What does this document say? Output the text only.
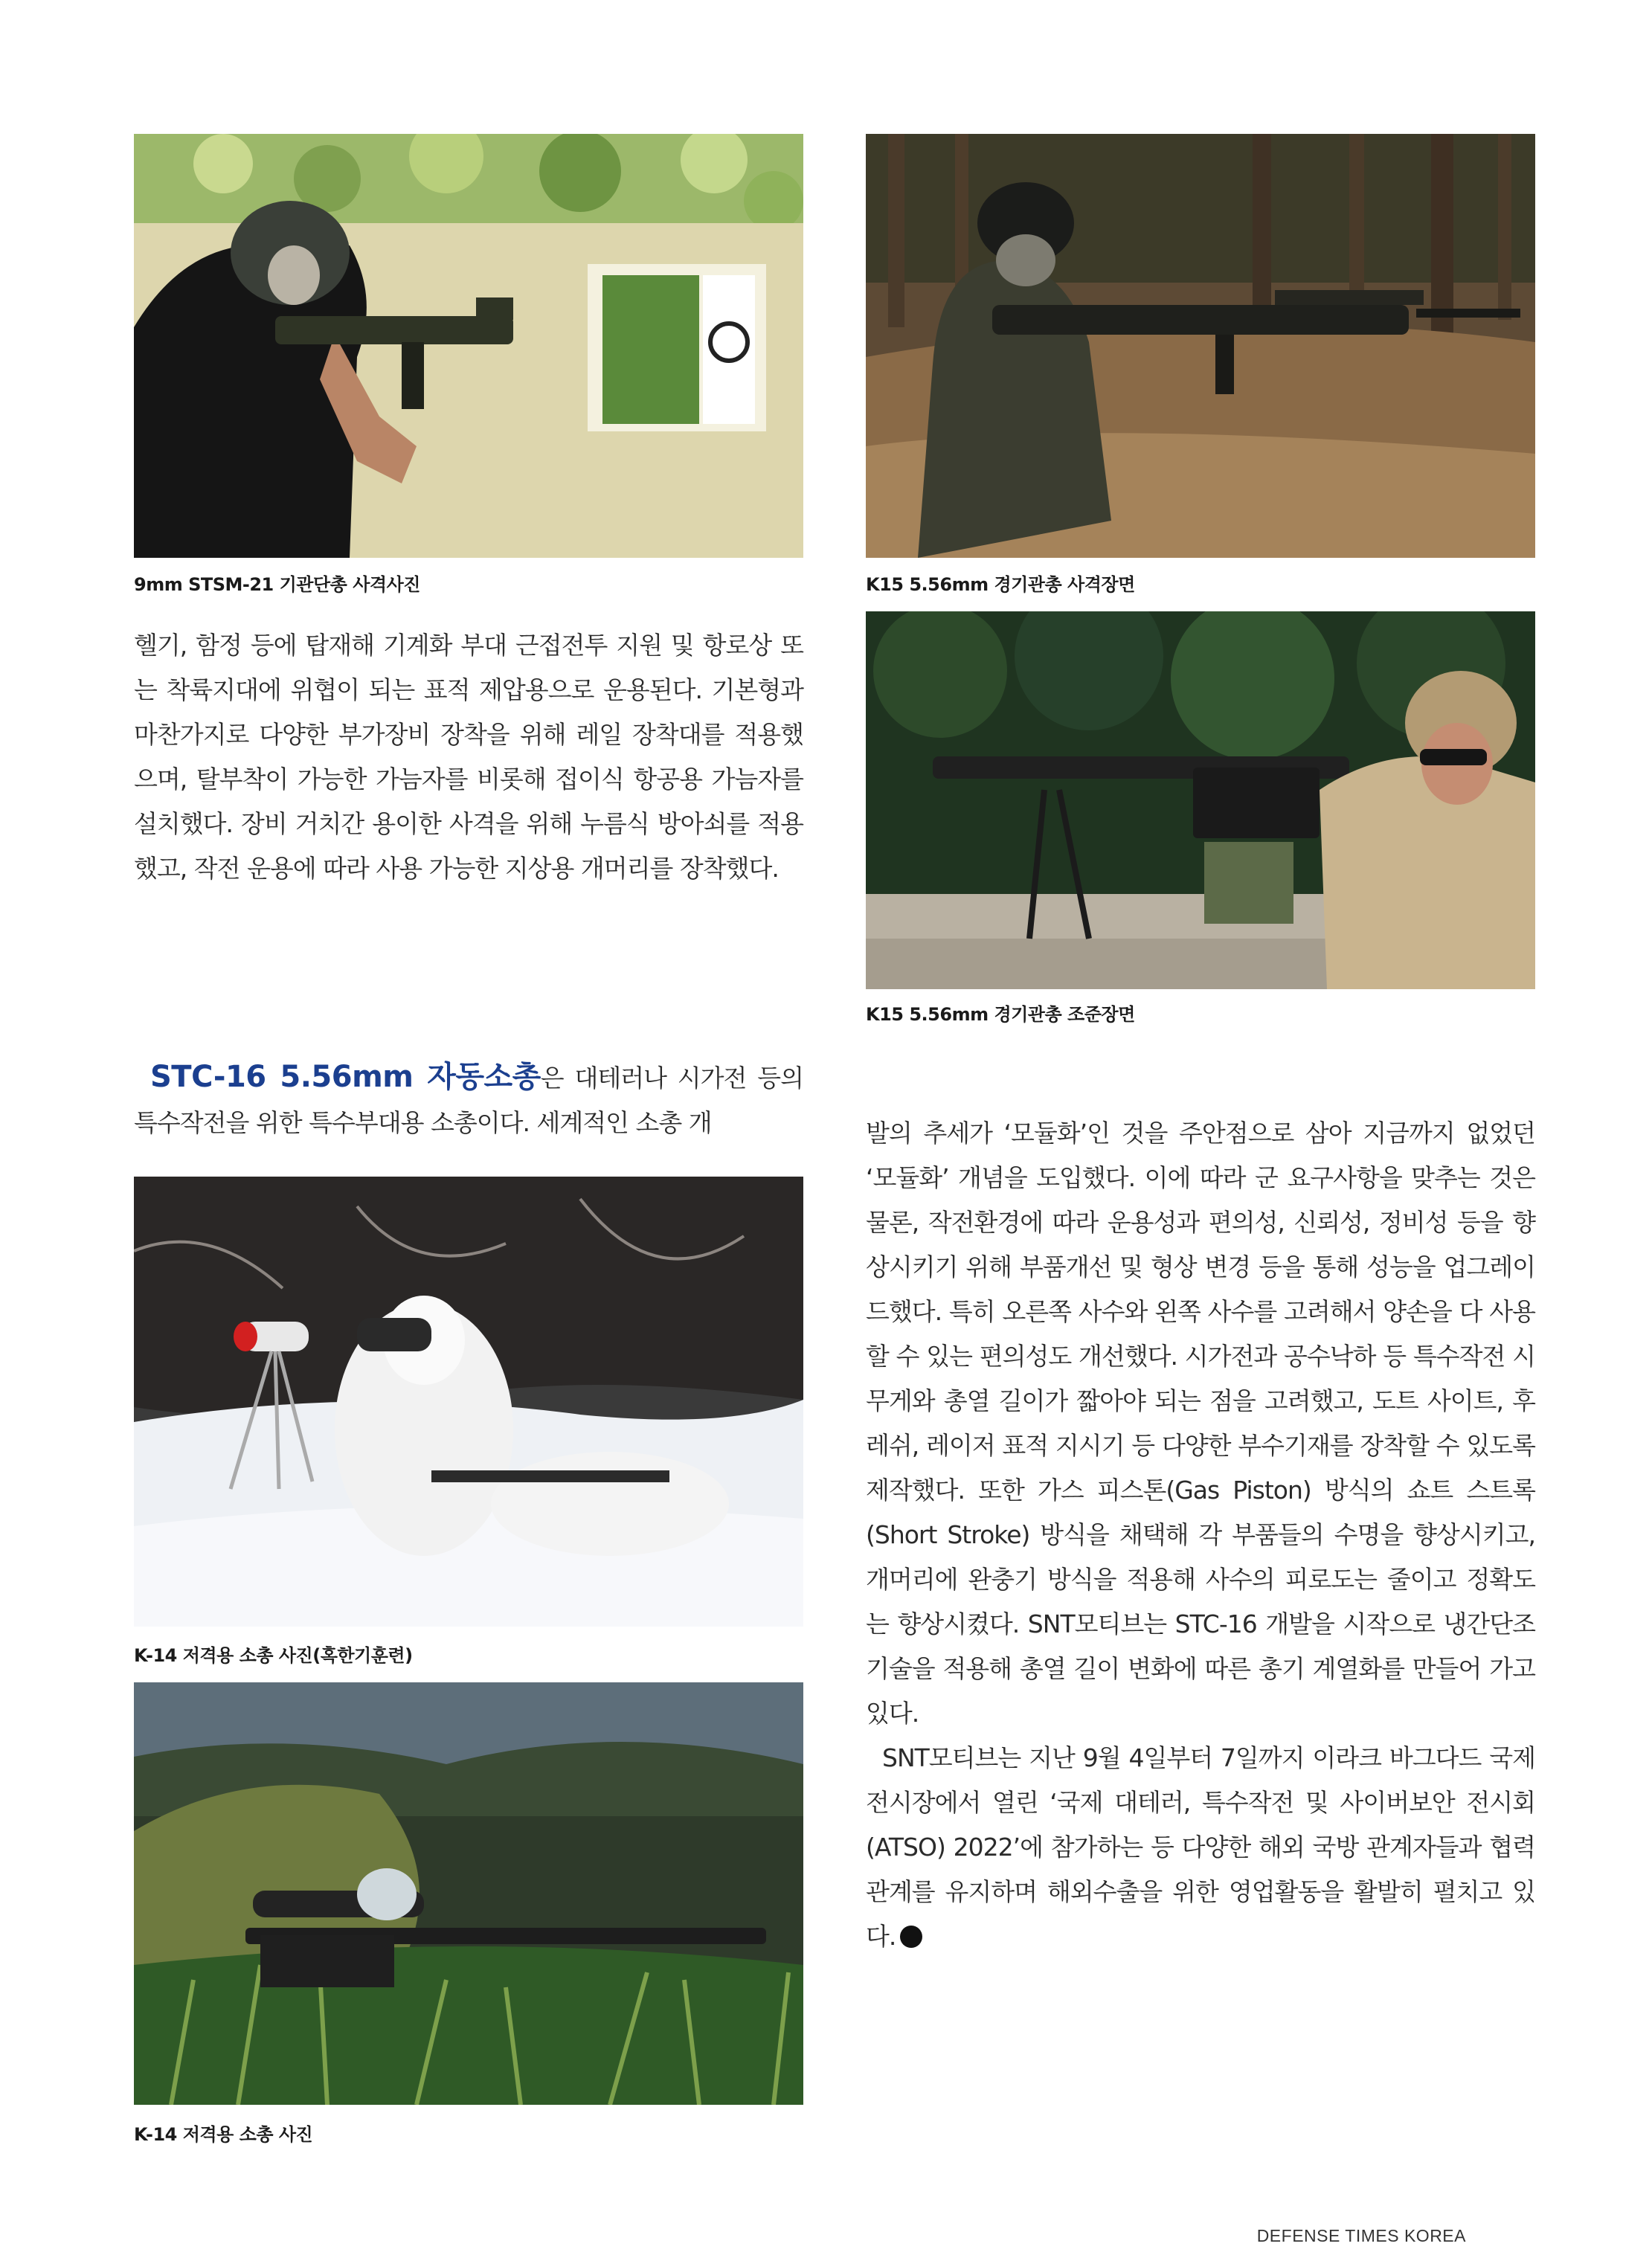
9mm STSM-21 기관단총 사격사진	K15 5.56mm 경기관총 사격장면
K15 5.56mm 경기관총 조준장면

헬기, 함정 등에 탑재해 기계화 부대 근접전투 지원 및 항로상 또는 착륙지대에 위협이 되는 표적 제압용으로 운용된다. 기본형과 마찬가지로 다양한 부가장비 장착을 위해 레일 장착대를 적용했으며, 탈부착이 가능한 가늠자를 비롯해 접이식 항공용 가늠자를 설치했다. 장비 거치간 용이한 사격을 위해 누름식 방아쇠를 적용했고, 작전 운용에 따라 사용 가능한 지상용 개머리를 장착했다.

STC-16 5.56mm 자동소총은 대테러나 시가전 등의 특수작전을 위한 특수부대용 소총이다. 세계적인 소총 개

K-14 저격용 소총 사진(혹한기훈련)
K-14 저격용 소총 사진

발의 추세가 ‘모듈화’인 것을 주안점으로 삼아 지금까지 없었던 ‘모듈화’ 개념을 도입했다. 이에 따라 군 요구사항을 맞추는 것은 물론, 작전환경에 따라 운용성과 편의성, 신뢰성, 정비성 등을 향상시키기 위해 부품개선 및 형상 변경 등을 통해 성능을 업그레이드했다. 특히 오른쪽 사수와 왼쪽 사수를 고려해서 양손을 다 사용할 수 있는 편의성도 개선했다. 시가전과 공수낙하 등 특수작전 시 무게와 총열 길이가 짧아야 되는 점을 고려했고, 도트 사이트, 후레쉬, 레이저 표적 지시기 등 다양한 부수기재를 장착할 수 있도록 제작했다. 또한 가스 피스톤(Gas Piston) 방식의 쇼트 스트록(Short Stroke) 방식을 채택해 각 부품들의 수명을 향상시키고, 개머리에 완충기 방식을 적용해 사수의 피로도는 줄이고 정확도는 향상시켰다. SNT모티브는 STC-16 개발을 시작으로 냉간단조기술을 적용해 총열 길이 변화에 따른 총기 계열화를 만들어 가고 있다.

SNT모티브는 지난 9월 4일부터 7일까지 이라크 바그다드 국제 전시장에서 열린 ‘국제 대테러, 특수작전 및 사이버보안 전시회(ATSO) 2022’에 참가하는 등 다양한 해외 국방 관계자들과 협력관계를 유지하며 해외수출을 위한 영업활동을 활발히 펼치고 있다.

DEFENSE TIMES KOREA
